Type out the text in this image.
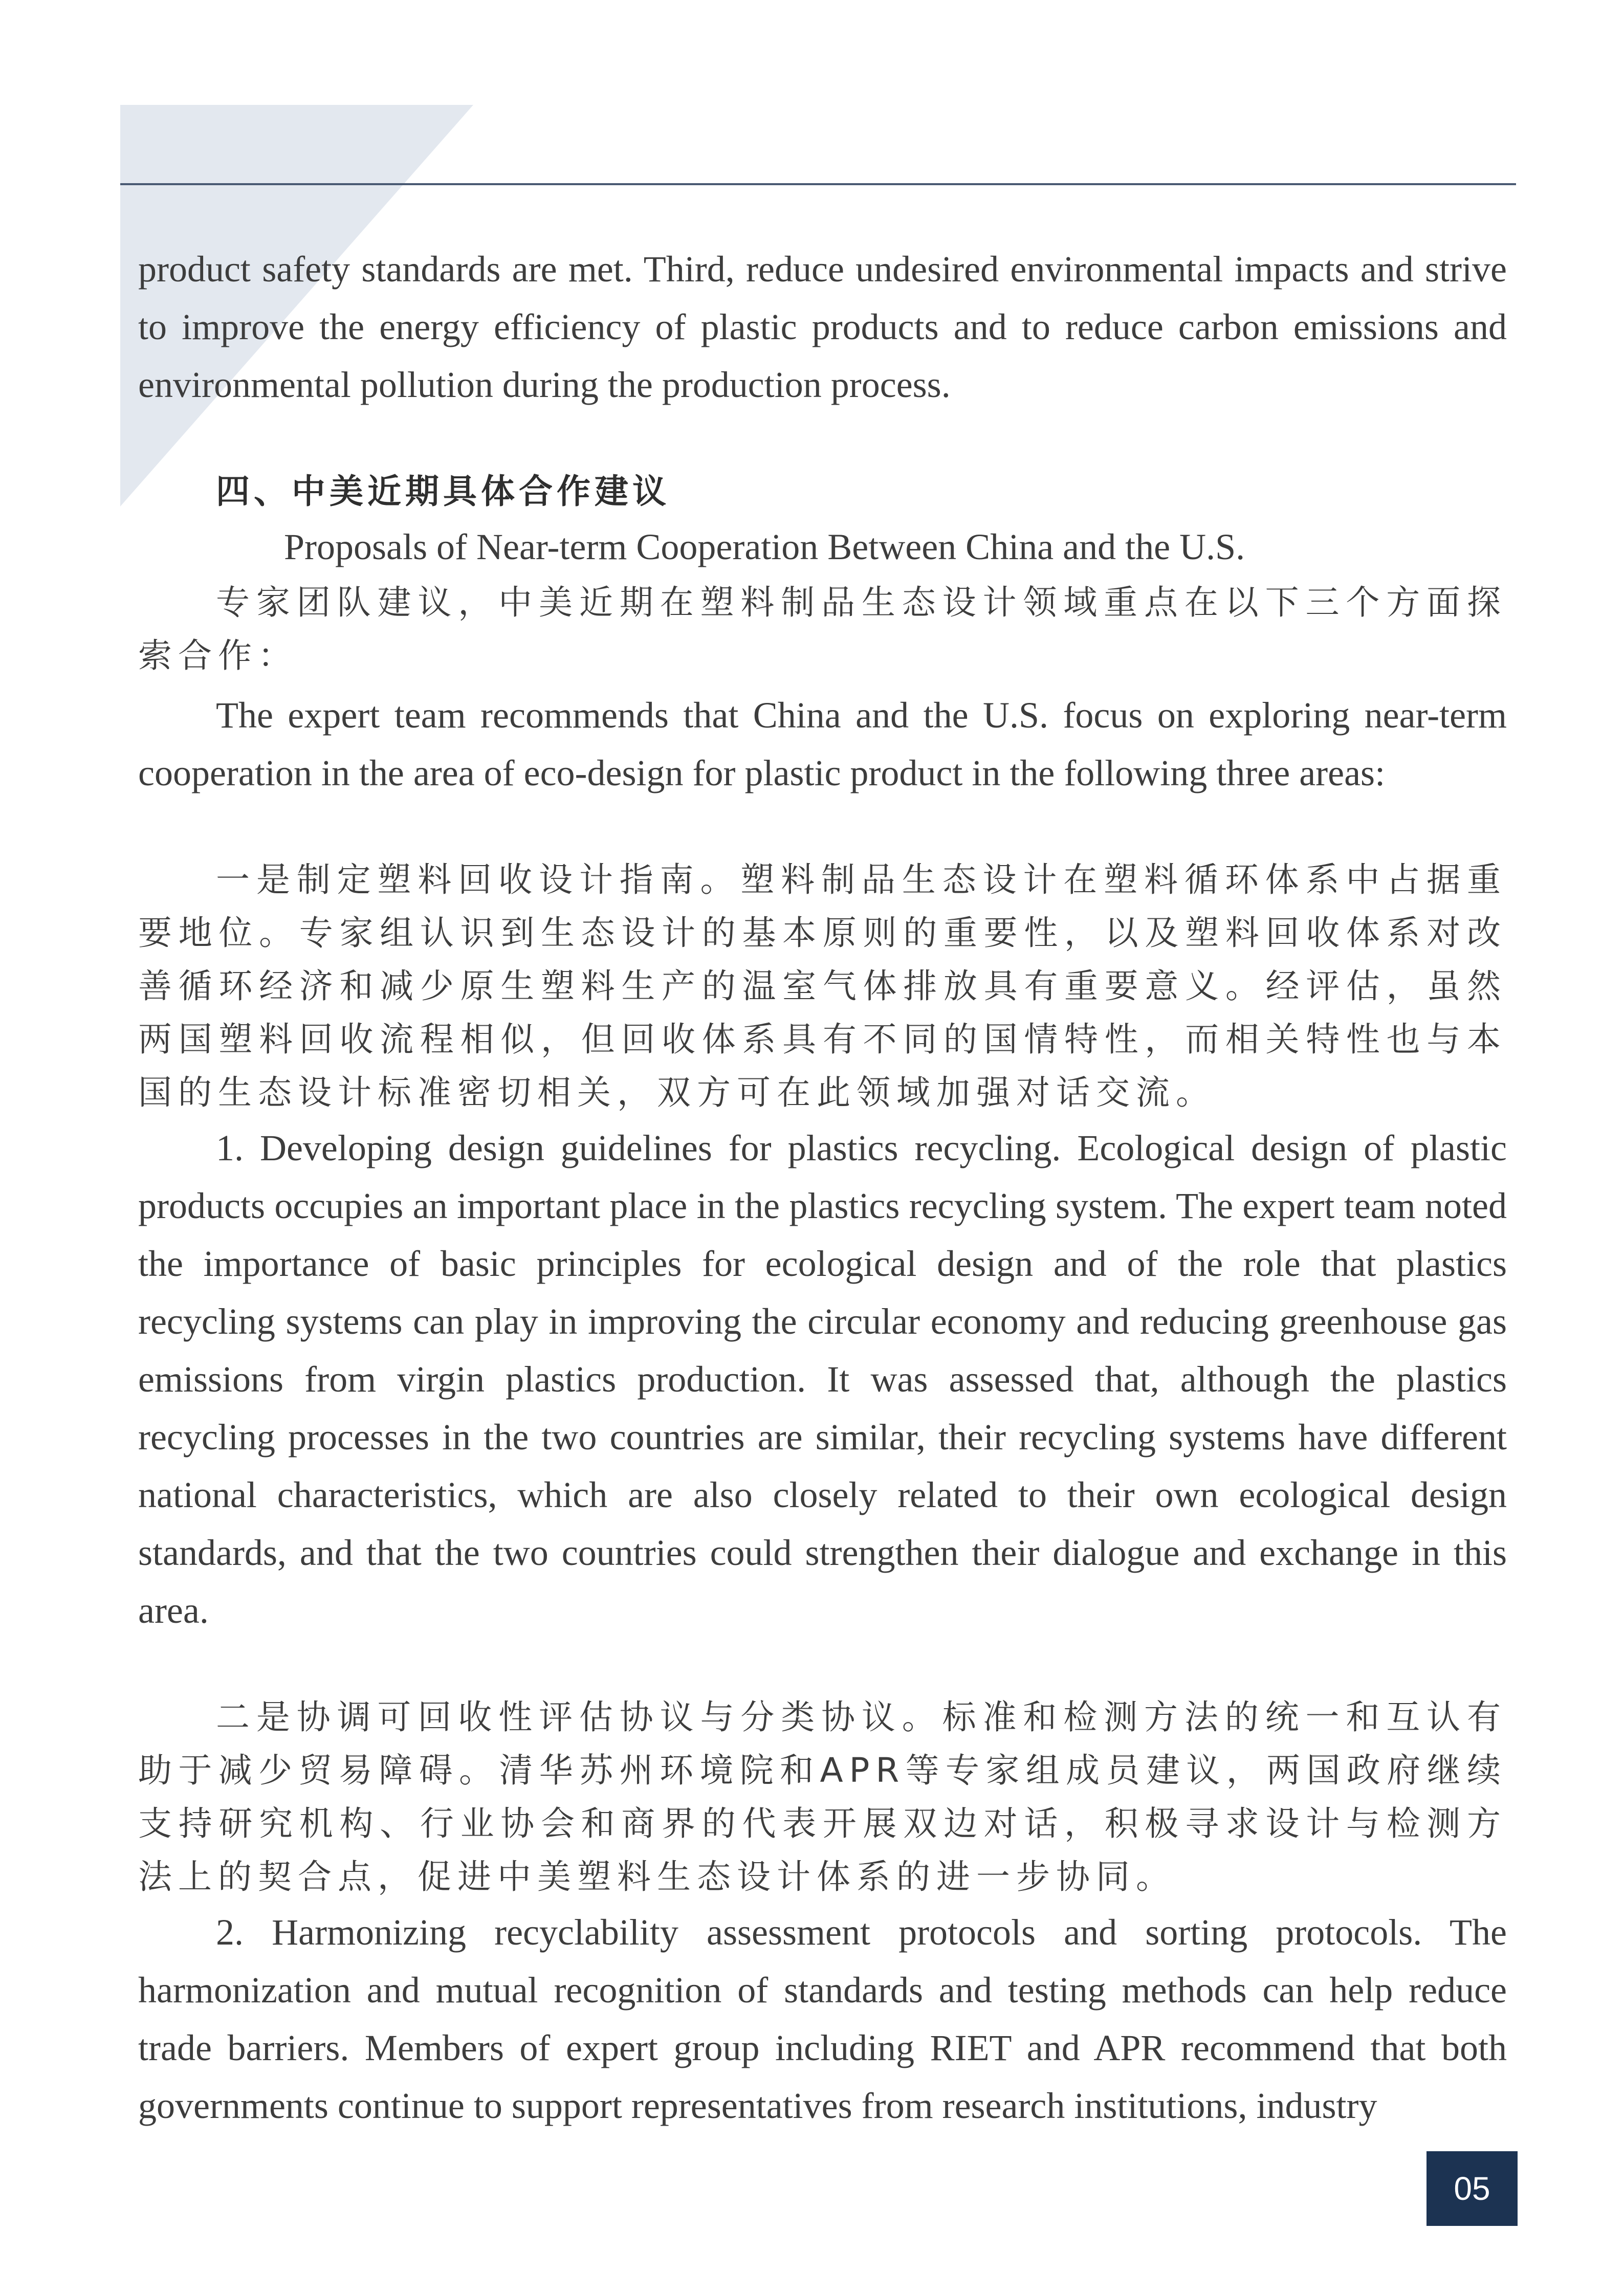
product safety standards are met. Third, reduce undesired environmental impacts and strive to improve the energy efficiency of plastic products and to reduce carbon emissions and environmental pollution during the production process.

四、中美近期具体合作建议

Proposals of Near-term Cooperation Between China and the U.S.

专家团队建议，中美近期在塑料制品生态设计领域重点在以下三个方面探索合作：

The expert team recommends that China and the U.S. focus on exploring near-term cooperation in the area of eco-design for plastic product in the following three areas:

一是制定塑料回收设计指南。塑料制品生态设计在塑料循环体系中占据重要地位。专家组认识到生态设计的基本原则的重要性，以及塑料回收体系对改善循环经济和减少原生塑料生产的温室气体排放具有重要意义。经评估，虽然两国塑料回收流程相似，但回收体系具有不同的国情特性，而相关特性也与本国的生态设计标准密切相关，双方可在此领域加强对话交流。

1. Developing design guidelines for plastics recycling. Ecological design of plastic products occupies an important place in the plastics recycling system. The expert team noted the importance of basic principles for ecological design and of the role that plastics recycling systems can play in improving the circular economy and reducing greenhouse gas emissions from virgin plastics production. It was assessed that, although the plastics recycling processes in the two countries are similar, their recycling systems have different national characteristics, which are also closely related to their own ecological design standards, and that the two countries could strengthen their dialogue and exchange in this area.

二是协调可回收性评估协议与分类协议。标准和检测方法的统一和互认有助于减少贸易障碍。清华苏州环境院和APR等专家组成员建议，两国政府继续支持研究机构、行业协会和商界的代表开展双边对话，积极寻求设计与检测方法上的契合点，促进中美塑料生态设计体系的进一步协同。

2. Harmonizing recyclability assessment protocols and sorting protocols. The harmonization and mutual recognition of standards and testing methods can help reduce trade barriers. Members of expert group including RIET and APR recommend that both governments continue to support representatives from research institutions, industry

05
